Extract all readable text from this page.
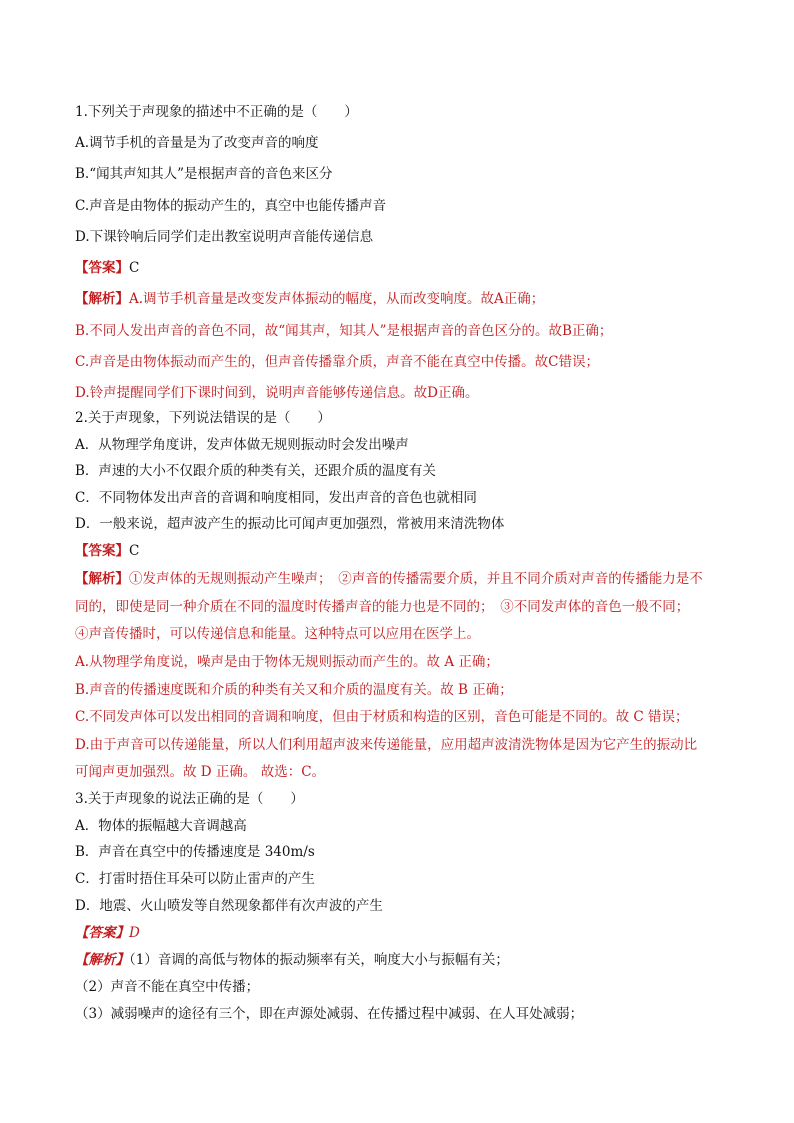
1.下列关于声现象的描述中不正确的是（　　）
A.调节手机的音量是为了改变声音的响度
B.“闻其声知其人”是根据声音的音色来区分
C.声音是由物体的振动产生的，真空中也能传播声音
D.下课铃响后同学们走出教室说明声音能传递信息
【答案】C
【解析】A.调节手机音量是改变发声体振动的幅度，从而改变响度。故A正确；
B.不同人发出声音的音色不同，故“闻其声，知其人”是根据声音的音色区分的。故B正确；
C.声音是由物体振动而产生的，但声音传播靠介质，声音不能在真空中传播。故C错误；
D.铃声提醒同学们下课时间到，说明声音能够传递信息。故D正确。
2.关于声现象，下列说法错误的是（　　）
A．从物理学角度讲，发声体做无规则振动时会发出噪声
B．声速的大小不仅跟介质的种类有关，还跟介质的温度有关
C．不同物体发出声音的音调和响度相同，发出声音的音色也就相同
D．一般来说，超声波产生的振动比可闻声更加强烈，常被用来清洗物体
【答案】C
【解析】①发声体的无规则振动产生噪声；　②声音的传播需要介质，并且不同介质对声音的传播能力是不
同的，即使是同一种介质在不同的温度时传播声音的能力也是不同的；　③不同发声体的音色一般不同；
④声音传播时，可以传递信息和能量。这种特点可以应用在医学上。
A.从物理学角度说，噪声是由于物体无规则振动而产生的。故 A 正确；
B.声音的传播速度既和介质的种类有关又和介质的温度有关。故 B 正确；
C.不同发声体可以发出相同的音调和响度，但由于材质和构造的区别，音色可能是不同的。故 C 错误；
D.由于声音可以传递能量，所以人们利用超声波来传递能量，应用超声波清洗物体是因为它产生的振动比
可闻声更加强烈。故 D 正确。 故选：C。
3.关于声现象的说法正确的是（　　）
A．物体的振幅越大音调越高
B．声音在真空中的传播速度是 340m/s
C．打雷时捂住耳朵可以防止雷声的产生
D．地震、火山喷发等自然现象都伴有次声波的产生
【答案】D
【解析】（1）音调的高低与物体的振动频率有关，响度大小与振幅有关；
（2）声音不能在真空中传播；
（3）减弱噪声的途径有三个，即在声源处减弱、在传播过程中减弱、在人耳处减弱；
